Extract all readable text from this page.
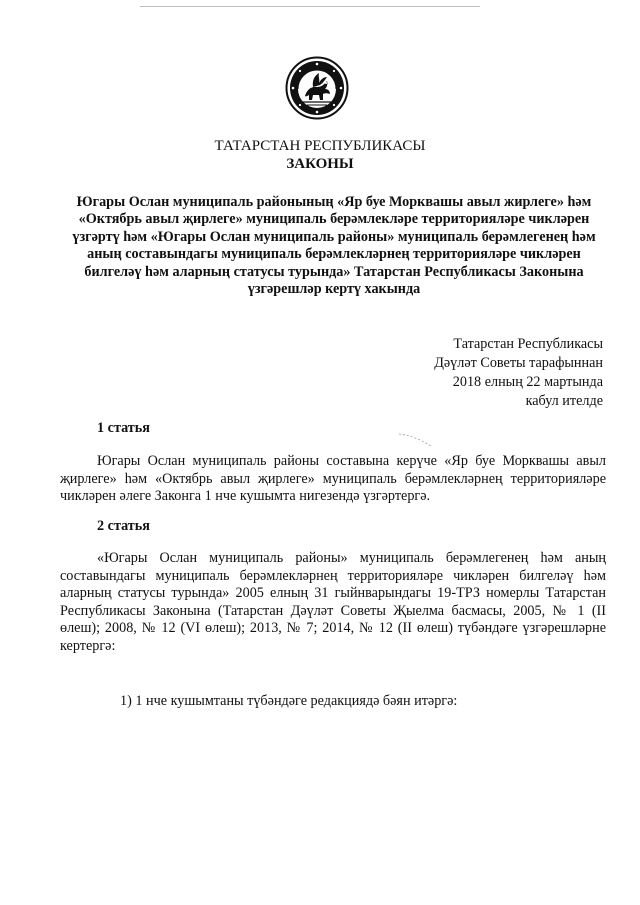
ТАТАРСТАН РЕСПУБЛИКАСЫ
ЗАКОНЫ

Югары Ослан муниципаль районының «Яр буе Морквашы авыл жирлеге» һәм «Октябрь авыл җирлеге» муниципаль берәмлекләре территорияләре чикләрен үзгәртү һәм «Югары Ослан муниципаль районы» муниципаль берәмлегенең һәм аның составындагы муниципаль берәмлекләрнең территорияләре чикләрен билгеләү һәм аларның статусы турында» Татарстан Республикасы Законына үзгәрешләр кертү хакында

Татарстан Республикасы
Дәүләт Советы тарафыннан
2018 елның 22 мартында
кабул ителде
1 статья

Югары Ослан муниципаль районы составына керүче «Яр буе Морквашы авыл җирлеге» һәм «Октябрь авыл җирлеге» муниципаль берәмлекләрнең территорияләре чикләрен әлеге Законга 1 нче кушымта нигезендә үзгәртергә.

2 статья

«Югары Ослан муниципаль районы» муниципаль берәмлегенең һәм аның составындагы муниципаль берәмлекләрнең территорияләре чикләрен билгеләү һәм аларның статусы турында» 2005 елның 31 гыйнварындагы 19-ТРЗ номерлы Татарстан Республикасы Законына (Татарстан Дәүләт Советы Җыелма басмасы, 2005, № 1 (II өлеш); 2008, № 12 (VI өлеш); 2013, № 7; 2014, № 12 (II өлеш) түбәндәге үзгәрешләрне кертергә:

1) 1 нче кушымтаны түбәндәге редакциядә бәян итәргә:
